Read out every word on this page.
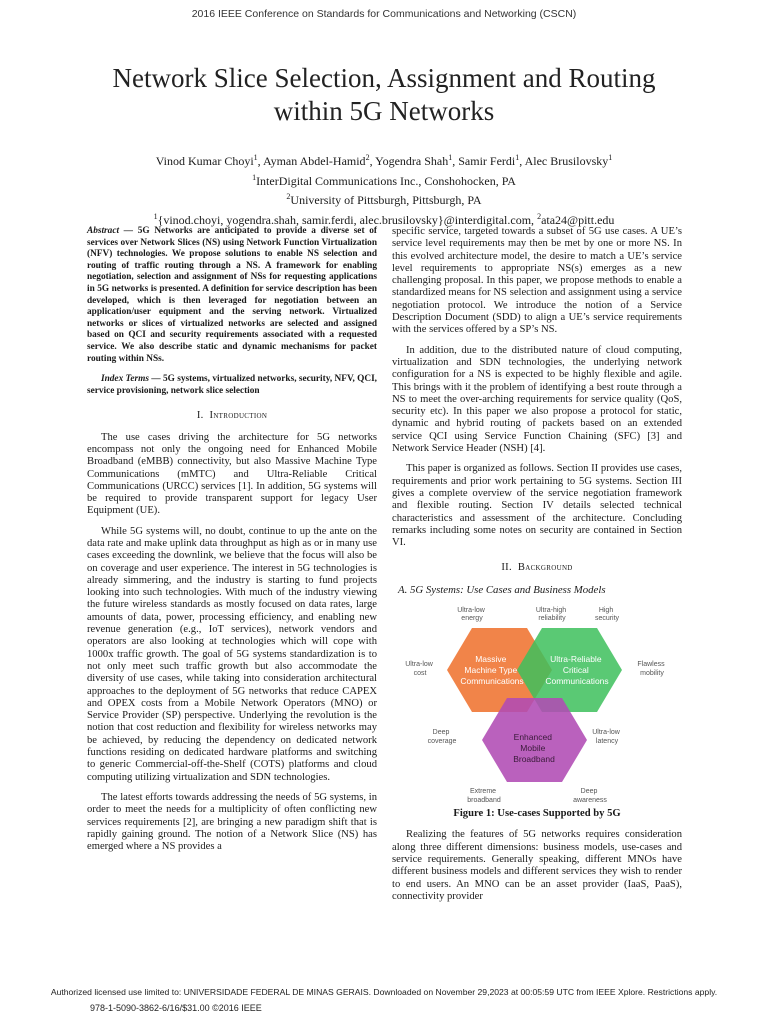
2016 IEEE Conference on Standards for Communications and Networking (CSCN)
Network Slice Selection, Assignment and Routing
within 5G Networks
Vinod Kumar Choyi$^1$, Ayman Abdel-Hamid$^2$, Yogendra Shah$^1$, Samir Ferdi$^1$, Alec Brusilovsky$^1$
$^1$InterDigital Communications Inc., Conshohocken, PA
$^2$University of Pittsburgh, Pittsburgh, PA
$^1${vinod.choyi, yogendra.shah, samir.ferdi, alec.brusilovsky}@interdigital.com, $^2$ata24@pitt.edu

Abstract — 5G Networks are anticipated to provide a diverse set of services over Network Slices (NS) using Network Function Virtualization (NFV) technologies. We propose solutions to enable NS selection and routing of traffic routing through a NS. A framework for enabling negotiation, selection and assignment of NSs for requesting applications in 5G networks is presented. A definition for service description has been developed, which is then leveraged for negotiation between an application/user equipment and the serving network. Virtualized networks or slices of virtualized networks are selected and assigned based on QCI and security requirements associated with a requested service. We also describe static and dynamic mechanisms for packet routing within NSs.

Index Terms — 5G systems, virtualized networks, security, NFV, QCI, service provisioning, network slice selection

I. Introduction

The use cases driving the architecture for 5G networks encompass not only the ongoing need for Enhanced Mobile Broadband (eMBB) connectivity, but also Massive Machine Type Communications (mMTC) and Ultra-Reliable Critical Communications (URCC) services [1]. In addition, 5G systems will be required to provide transparent support for legacy User Equipment (UE).

While 5G systems will, no doubt, continue to up the ante on the data rate and make uplink data throughput as high as or in many use cases exceeding the downlink, we believe that the focus will also be on coverage and user experience. The interest in 5G technologies is already simmering, and the industry is starting to fund projects looking into such technologies. With much of the industry viewing the future wireless standards as mostly focused on data rates, large amounts of data, power, processing efficiency, and enabling new revenue generation (e.g., IoT services), network vendors and operators are also looking at technologies which will cope with 1000x traffic growth. The goal of 5G systems standardization is to not only meet such traffic growth but also accommodate the diversity of use cases, while taking into consideration architectural approaches to the deployment of 5G networks that reduce CAPEX and OPEX costs from a Mobile Network Operators (MNO) or Service Provider (SP) perspective. Underlying the revolution is the notion that cost reduction and flexibility for wireless networks may be achieved, by reducing the dependency on dedicated network functions residing on dedicated hardware platforms and switching to generic Commercial-off-the-Shelf (COTS) platforms and cloud computing utilizing virtualization and SDN technologies.

The latest efforts towards addressing the needs of 5G systems, in order to meet the needs for a multiplicity of often conflicting new services requirements [2], are bringing a new paradigm shift that is rapidly gaining ground. The notion of a Network Slice (NS) has emerged where a NS provides a

specific service, targeted towards a subset of 5G use cases. A UE’s service level requirements may then be met by one or more NS. In this evolved architecture model, the desire to match a UE’s service level requirements to appropriate NS(s) emerges as a new challenging proposal. In this paper, we propose methods to enable a standardized means for NS selection and assignment using a service negotiation protocol. We introduce the notion of a Service Description Document (SDD) to align a UE’s service requirements with the services offered by a SP’s NS.

In addition, due to the distributed nature of cloud computing, virtualization and SDN technologies, the underlying network configuration for a NS is expected to be highly flexible and agile. This brings with it the problem of identifying a best route through a NS to meet the over-arching requirements for service quality (QoS, security etc). In this paper we also propose a protocol for static, dynamic and hybrid routing of packets based on an extended service QCI using Service Function Chaining (SFC) [3] and Network Service Header (NSH) [4].

This paper is organized as follows. Section II provides use cases, requirements and prior work pertaining to 5G systems. Section III gives a complete overview of the service negotiation framework and flexible routing. Section IV details selected technical characteristics and assessment of the architecture. Concluding remarks including some notes on security are contained in Section VI.

II. Background
A. 5G Systems: Use Cases and Business Models
Massive Machine Type Communications
Ultra-Reliable Critical Communications
Enhanced Mobile Broadband
Ultra-low energy
Ultra-high reliability
High security
Ultra-low cost
Flawless mobility
Deep coverage
Ultra-low latency
Extreme broadband
Deep awareness
Figure 1: Use-cases Supported by 5G

Realizing the features of 5G networks requires consideration along three different dimensions: business models, use-cases and service requirements. Generally speaking, different MNOs have different business models and different services they wish to render to end users. An MNO can be an asset provider (IaaS, PaaS), connectivity provider

Authorized licensed use limited to: UNIVERSIDADE FEDERAL DE MINAS GERAIS. Downloaded on November 29,2023 at 00:05:59 UTC from IEEE Xplore. Restrictions apply.
978-1-5090-3862-6/16/$31.00 ©2016 IEEE
